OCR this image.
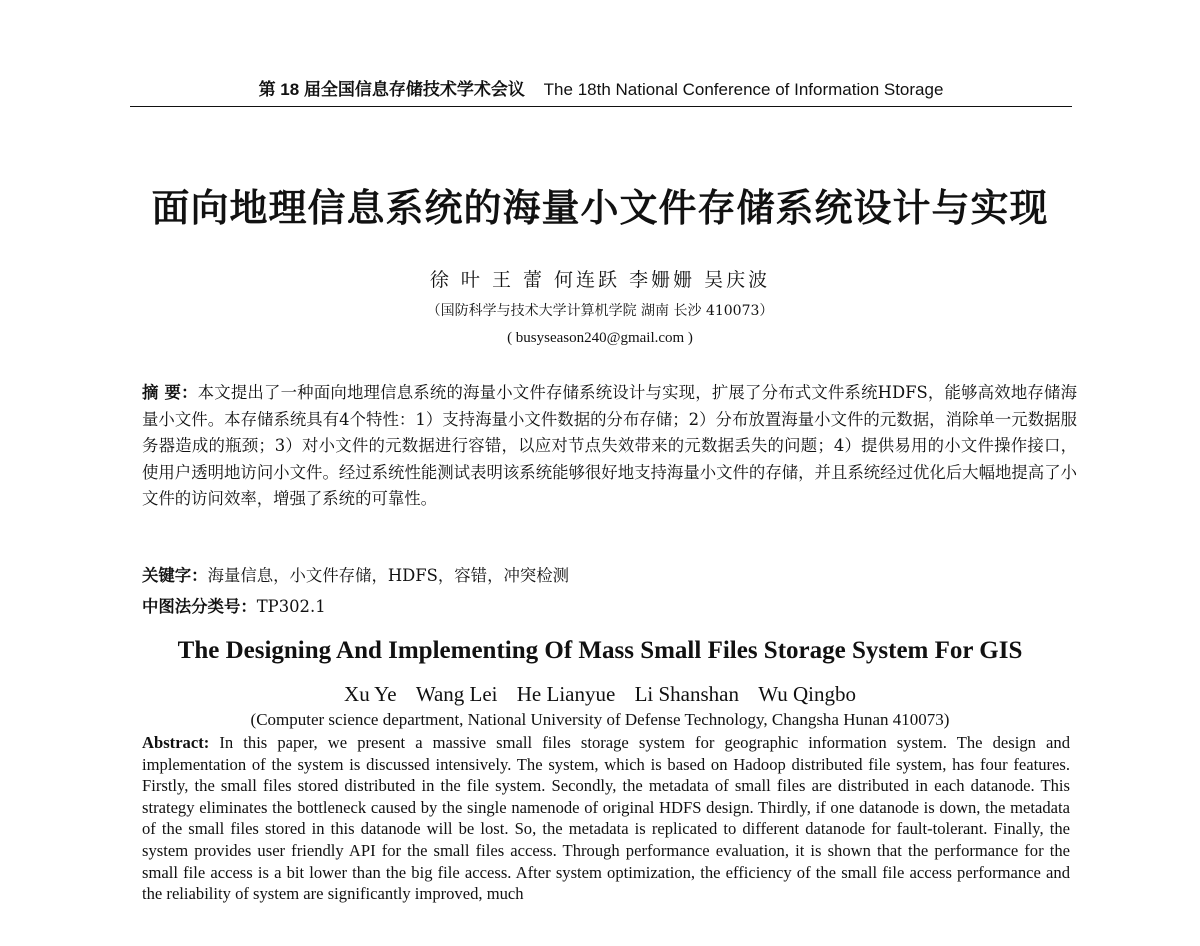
第 18 届全国信息存储技术学术会议 The 18th National Conference of Information Storage
面向地理信息系统的海量小文件存储系统设计与实现
徐 叶 王 蕾 何连跃 李姗姗 吴庆波
（国防科学与技术大学计算机学院 湖南 长沙 410073）
( busyseason240@gmail.com )
摘 要：本文提出了一种面向地理信息系统的海量小文件存储系统设计与实现，扩展了分布式文件系统HDFS，能够高效地存储海量小文件。本存储系统具有4个特性：1）支持海量小文件数据的分布存储；2）分布放置海量小文件的元数据，消除单一元数据服务器造成的瓶颈；3）对小文件的元数据进行容错，以应对节点失效带来的元数据丢失的问题；4）提供易用的小文件操作接口，使用户透明地访问小文件。经过系统性能测试表明该系统能够很好地支持海量小文件的存储，并且系统经过优化后大幅地提高了小文件的访问效率，增强了系统的可靠性。
关键字：海量信息，小文件存储，HDFS，容错，冲突检测
中图法分类号：TP302.1
The Designing And Implementing Of Mass Small Files Storage System For GIS
Xu Ye Wang Lei He Lianyue Li Shanshan Wu Qingbo
(Computer science department, National University of Defense Technology, Changsha Hunan 410073)
Abstract: In this paper, we present a massive small files storage system for geographic information system. The design and implementation of the system is discussed intensively. The system, which is based on Hadoop distributed file system, has four features. Firstly, the small files stored distributed in the file system. Secondly, the metadata of small files are distributed in each datanode. This strategy eliminates the bottleneck caused by the single namenode of original HDFS design. Thirdly, if one datanode is down, the metadata of the small files stored in this datanode will be lost. So, the metadata is replicated to different datanode for fault-tolerant. Finally, the system provides user friendly API for the small files access. Through performance evaluation, it is shown that the performance for the small file access is a bit lower than the big file access. After system optimization, the efficiency of the small file access performance and the reliability of system are significantly improved, much
